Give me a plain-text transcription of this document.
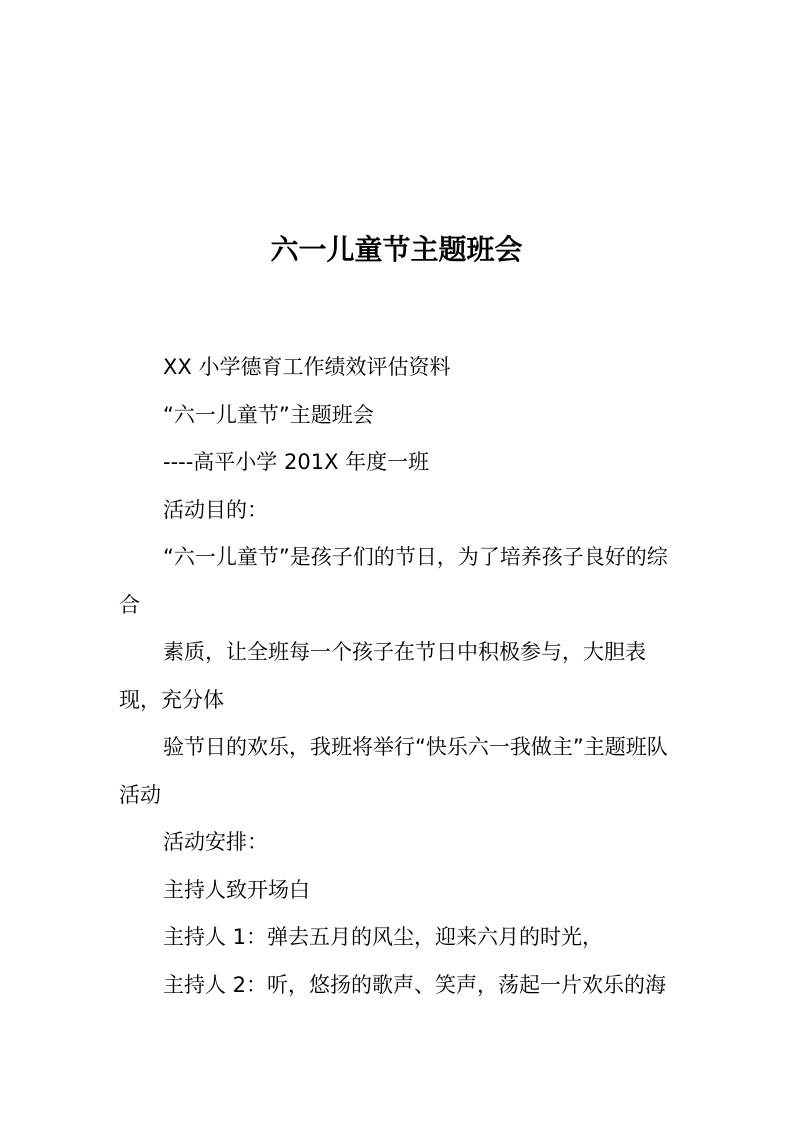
六一儿童节主题班会

XX 小学德育工作绩效评估资料

“六一儿童节”主题班会

----高平小学 201X 年度一班

活动目的：

“六一儿童节”是孩子们的节日，为了培养孩子良好的综

合

素质，让全班每一个孩子在节日中积极参与，大胆表

现，充分体

验节日的欢乐，我班将举行“快乐六一我做主”主题班队

活动

活动安排：

主持人致开场白

主持人 1：弹去五月的风尘，迎来六月的时光，

主持人 2：听，悠扬的歌声、笑声，荡起一片欢乐的海
